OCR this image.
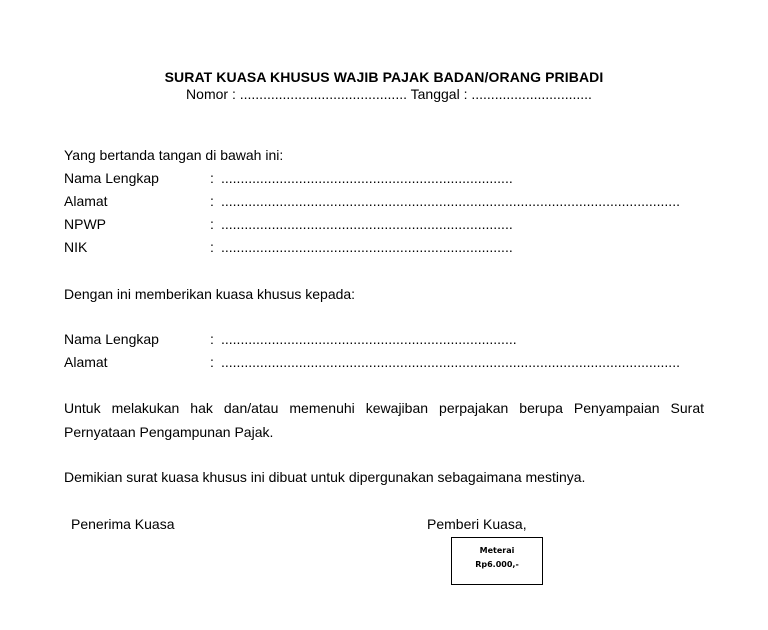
SURAT KUASA KHUSUS WAJIB PAJAK BADAN/ORANG PRIBADI
Nomor : ........................................... Tanggal : ...............................
Yang bertanda tangan di bawah ini:
Nama Lengkap	: ...........................................................................
Alamat	: ......................................................................................................................
NPWP	: ...........................................................................
NIK	: ...........................................................................
Dengan ini memberikan kuasa khusus kepada:
Nama Lengkap	: ............................................................................
Alamat	: ......................................................................................................................
Untuk melakukan hak dan/atau memenuhi kewajiban perpajakan berupa Penyampaian Surat Pernyataan Pengampunan Pajak.
Demikian surat kuasa khusus ini dibuat untuk dipergunakan sebagaimana mestinya.
Penerima Kuasa	Pemberi Kuasa,
Meterai
Rp6.000,-
